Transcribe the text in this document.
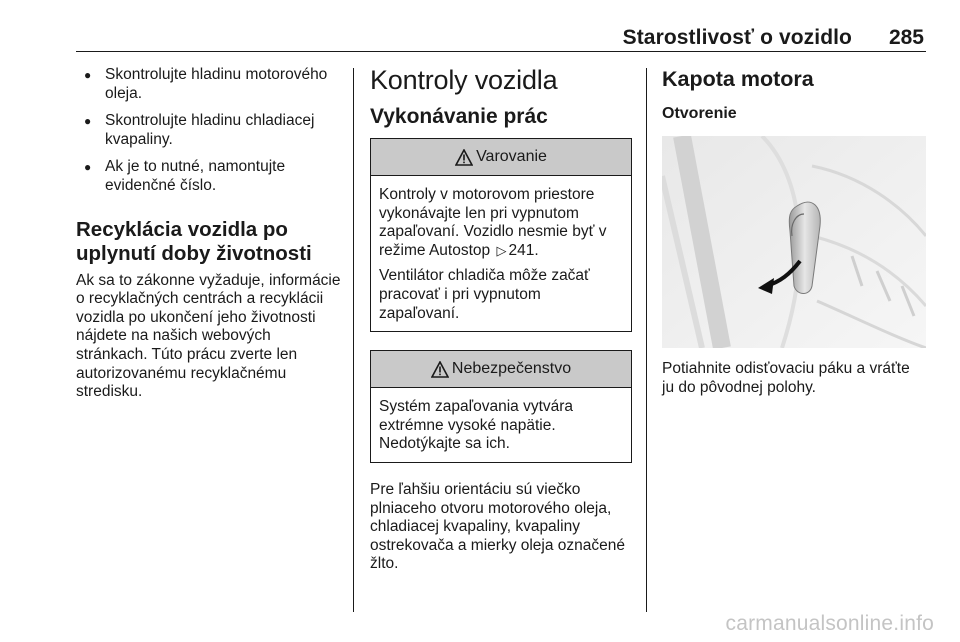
Starostlivosť o vozidlo 285
● Skontrolujte hladinu motorového oleja.
● Skontrolujte hladinu chladiacej kvapaliny.
● Ak je to nutné, namontujte evidenčné číslo.
Recyklácia vozidla po uplynutí doby životnosti

Ak sa to zákonne vyžaduje, informácie o recyklačných centrách a recyklácii vozidla po ukončení jeho životnosti nájdete na našich webových stránkach. Túto prácu zverte len autorizovanému recyklačnému stredisku.

Kontroly vozidla
Vykonávanie prác
Varovanie

Kontroly v motorovom priestore vykonávajte len pri vypnutom zapaľovaní. Vozidlo nesmie byť v režime Autostop ▷ 241.

Ventilátor chladiča môže začať pracovať i pri vypnutom zapaľovaní.

Nebezpečenstvo

Systém zapaľovania vytvára extrémne vysoké napätie. Nedotýkajte sa ich.

Pre ľahšiu orientáciu sú viečko plniaceho otvoru motorového oleja, chladiacej kvapaliny, kvapaliny ostrekovača a mierky oleja označené žlto.

Kapota motora
Otvorenie

Potiahnite odisťovaciu páku a vráťte ju do pôvodnej polohy.

carmanualsonline.info
